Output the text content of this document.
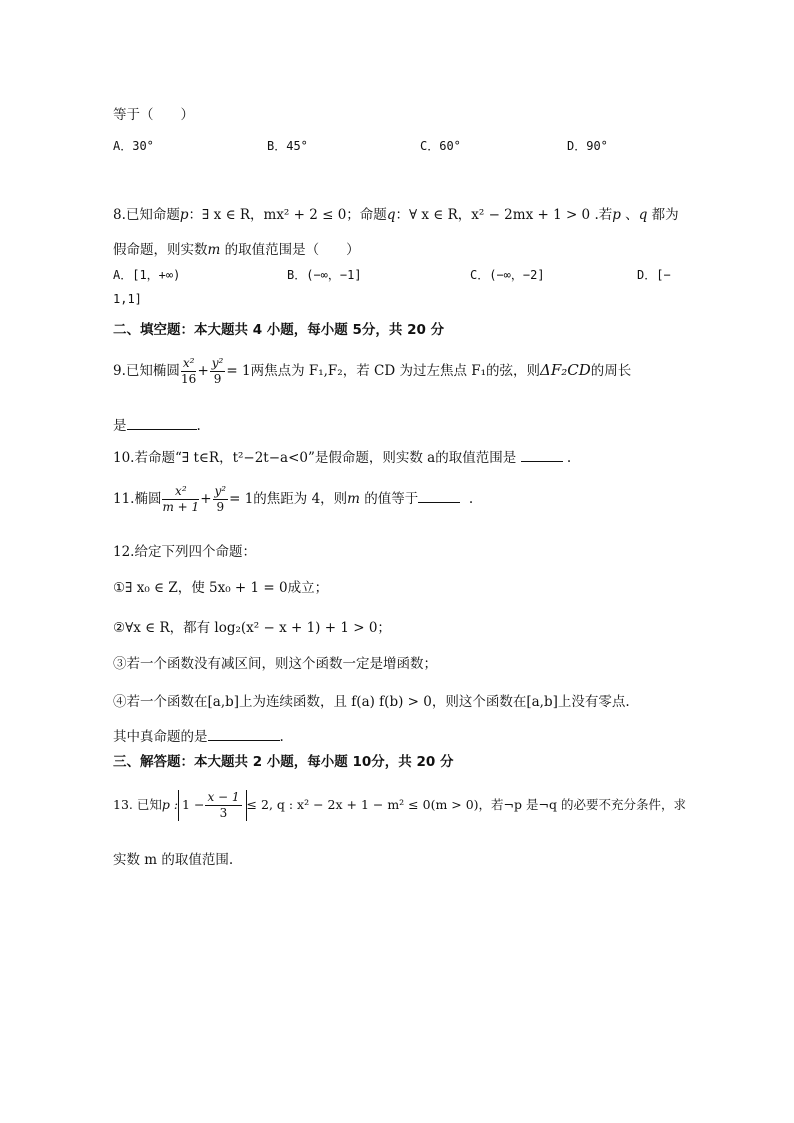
等于（　　）
A．30°	B．45°	C．60°	D．90°
8.已知命题p：∃ x ∈ R，mx² + 2 ≤ 0；命题q：∀ x ∈ R，x² − 2mx + 1 > 0 .若p 、q 都为
假命题，则实数m 的取值范围是（　　）
A．[1，+∞)	B．(−∞，−1]	C．(−∞，−2]	D．[−
1,1]
二、填空题：本大题共 4 小题，每小题 5分，共 20 分
9.已知椭圆 $\frac{\text{x²}}{16} + \frac{\text{y²}}{9} = 1$两焦点为 F₁,F₂，若 CD 为过左焦点 F₁的弦，则ΔF₂CD的周长
是	.
10.若命题“∃ t∈R，t²−2t−a<0”是假命题，则实数 a的取值范围是	.
11.椭圆 $\frac{\text{x²}}{m + 1} + \frac{\text{y²}}{9} = 1$的焦距为 4，则m 的值等于	.
12.给定下列四个命题：
①∃ x₀ ∈ Z，使 5x₀ + 1 = 0成立；
②∀x ∈ R，都有 log₂(x² − x + 1) + 1 > 0；
③若一个函数没有减区间，则这个函数一定是增函数；
④若一个函数在[a,b]上为连续函数，且 f(a) f(b) > 0，则这个函数在[a,b]上没有零点.
其中真命题的是	.
三、解答题：本大题共 2 小题，每小题 10分，共 20 分
13. 已知p : $1 - \frac{x - 1}{3} \le 2$, q : x² − 2x + 1 − m² ≤ 0(m > 0)，若¬p 是¬q 的必要不充分条件，求
实数 m 的取值范围.
